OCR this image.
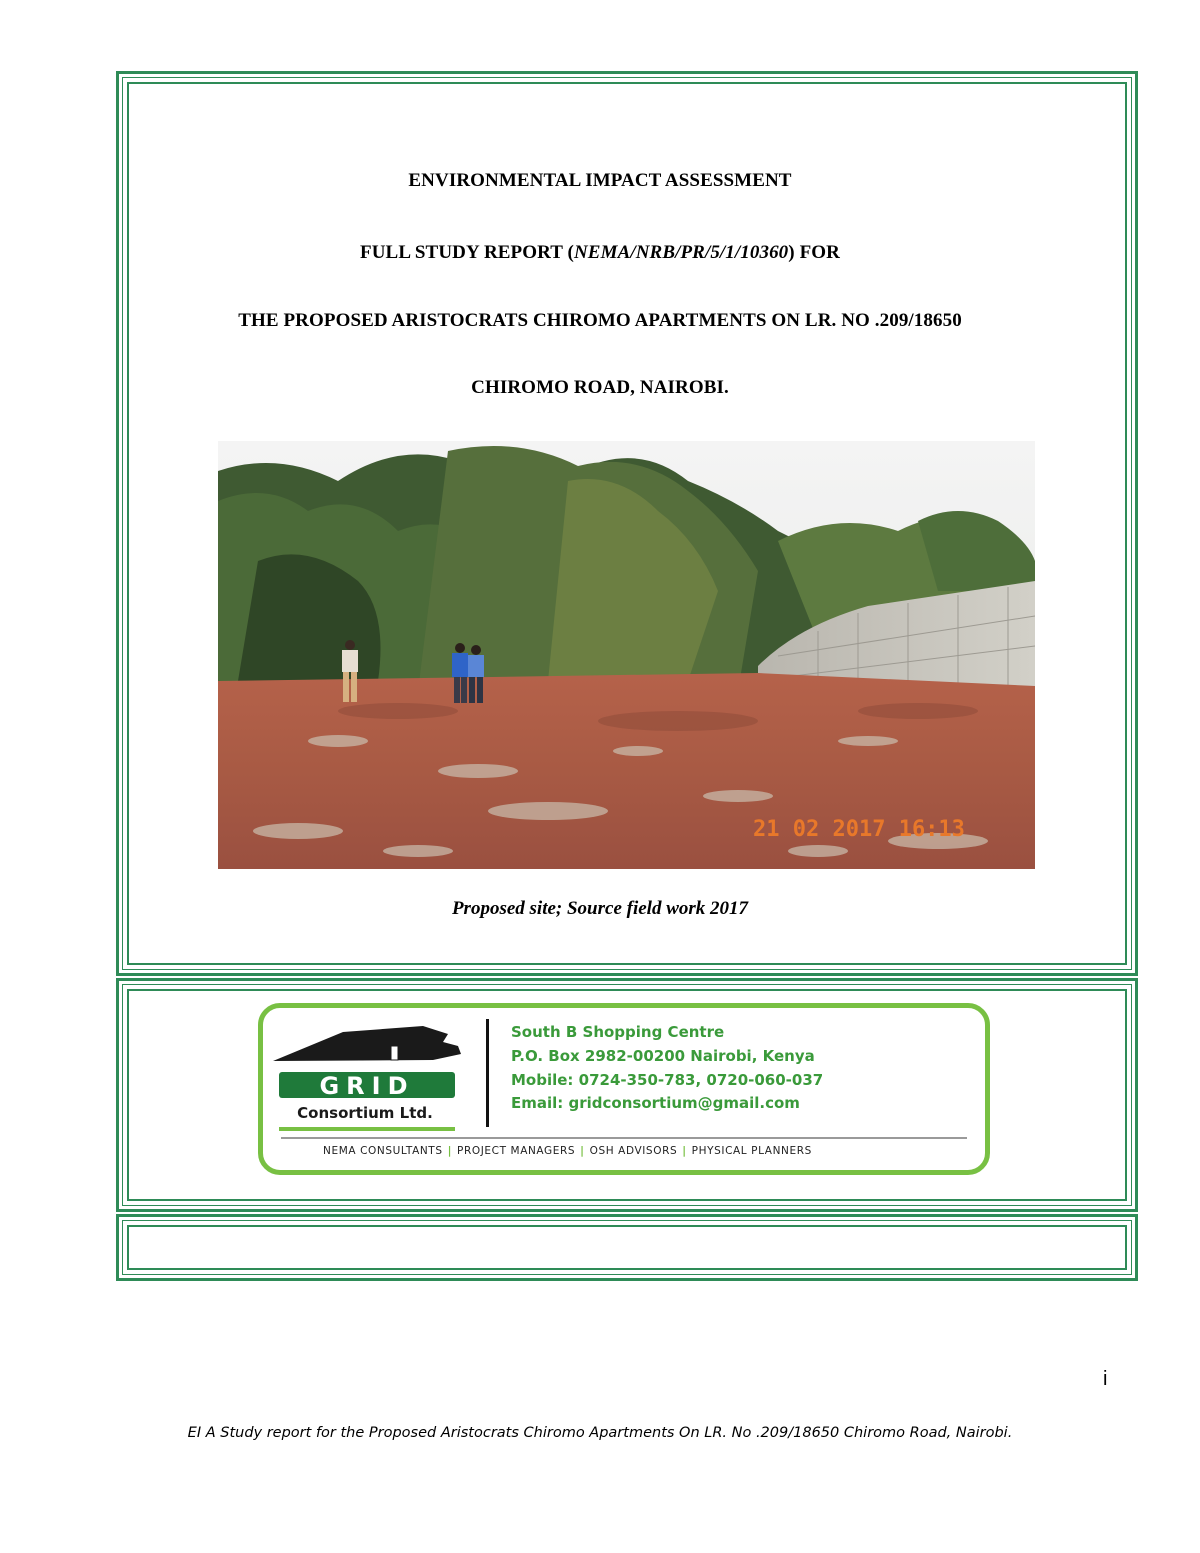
ENVIRONMENTAL IMPACT ASSESSMENT
FULL STUDY REPORT (NEMA/NRB/PR/5/1/10360) FOR
THE PROPOSED ARISTOCRATS CHIROMO APARTMENTS ON LR. NO .209/18650
CHIROMO ROAD, NAIROBI.
21 02 2017 16:13
Proposed site; Source field work 2017
GRID
Consortium Ltd.
South B Shopping Centre
P.O. Box 2982-00200 Nairobi, Kenya
Mobile: 0724-350-783, 0720-060-037
Email: gridconsortium@gmail.com
NEMA CONSULTANTS | PROJECT MANAGERS | OSH ADVISORS | PHYSICAL PLANNERS
i
EI A Study report for the Proposed Aristocrats Chiromo Apartments On LR. No .209/18650 Chiromo Road, Nairobi.
